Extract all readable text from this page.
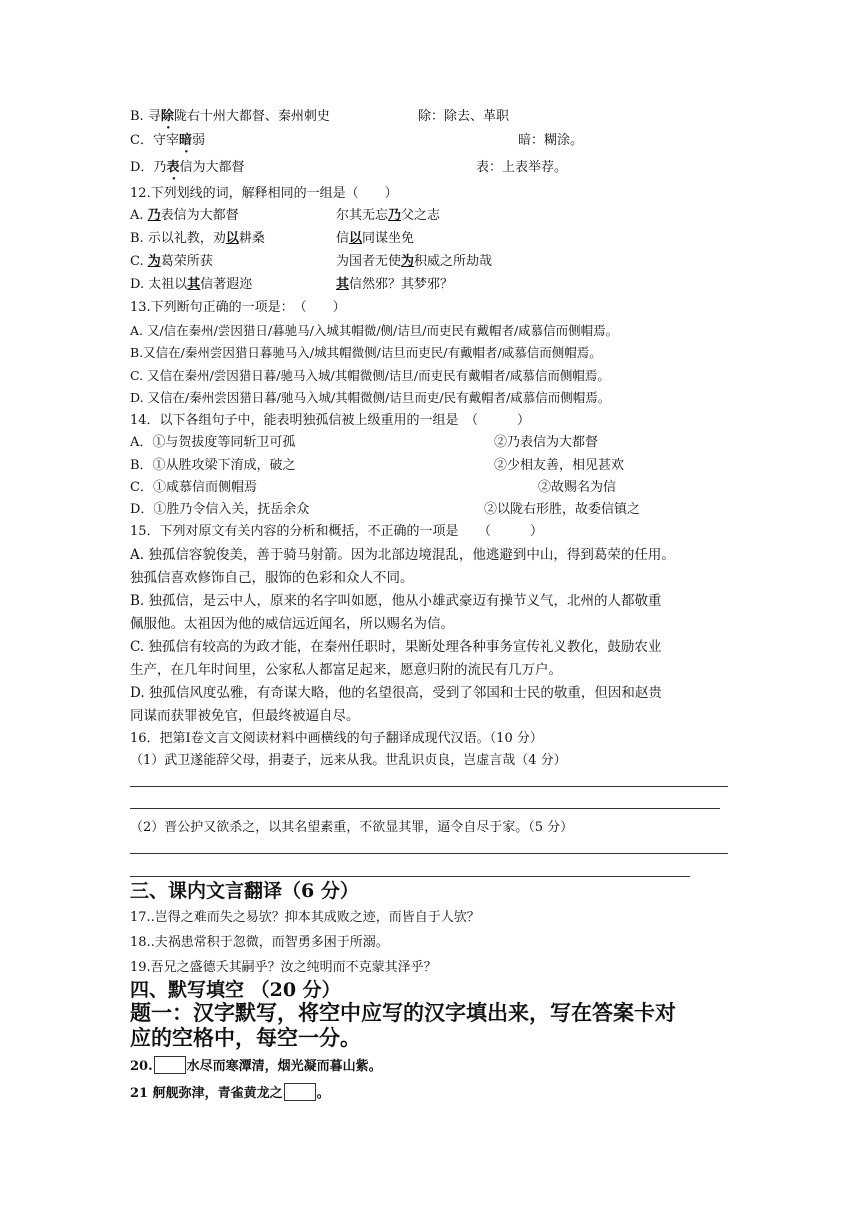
B. 寻除陇右十州大都督、秦州刺史	除：除去、革职
C．守宰暗弱	暗：糊涂。
D．乃表信为大都督	表：上表举荐。
12.下列划线的词，解释相同的一组是（　　）
A. 乃表信为大都督	尔其无忘乃父之志
B. 示以礼教，劝以耕桑	信以同谋坐免
C. 为葛荣所获	为国者无使为积威之所劫哉
D. 太祖以其信著遐迩	其信然邪？其梦邪？
13.下列断句正确的一项是：　（　　）
A. 又/信在秦州/尝因猎日/暮驰马/入城其帽微/侧/诘旦/而吏民有戴帽者/咸慕信而侧帽焉。
B.又信在/秦州尝因猎日暮驰马入/城其帽微侧/诘旦而吏民/有戴帽者/咸慕信而侧帽焉。
C. 又信在秦州/尝因猎日暮/驰马入城/其帽微侧/诘旦/而吏民有戴帽者/咸慕信而侧帽焉。
D. 又信在/秦州尝因猎日暮/驰马入城/其帽微侧/诘旦而吏/民有戴帽者/咸慕信而侧帽焉。
14．以下各组句子中，能表明独孤信被上级重用的一组是　（　　　）
A．①与贺拔度等同斩卫可孤	②乃表信为大都督
B．①从胜攻梁下淯成，破之	②少相友善，相见甚欢
C．①咸慕信而侧帽焉	②故赐名为信
D．①胜乃令信入关，抚岳余众	②以陇右形胜，故委信镇之
15．下列对原文有关内容的分析和概括，不正确的一项是　　（　　　）
A. 独孤信容貌俊美，善于骑马射箭。因为北部边境混乱，他逃避到中山，得到葛荣的任用。
独孤信喜欢修饰自己，服饰的色彩和众人不同。
B. 独孤信，是云中人，原来的名字叫如愿，他从小雄武豪迈有操节义气，北州的人都敬重
佩服他。太祖因为他的威信远近闻名，所以赐名为信。
C. 独孤信有较高的为政才能，在秦州任职时，果断处理各种事务宣传礼义教化，鼓励农业
生产，在几年时间里，公家私人都富足起来，愿意归附的流民有几万户。
D. 独孤信风度弘雅，有奇谋大略，他的名望很高，受到了邻国和士民的敬重，但因和赵贵
同谋而获罪被免官，但最终被逼自尽。
16．把第Ⅰ卷文言文阅读材料中画横线的句子翻译成现代汉语。（10 分）
（1）武卫遂能辞父母，捐妻子，远来从我。世乱识贞良，岂虚言哉（4 分）
（2）晋公护又欲杀之，以其名望素重，不欲显其罪，逼令自尽于家。（5 分）
三、课内文言翻译（6 分）
17..岂得之难而失之易欤？抑本其成败之迹，而皆自于人欤？
18..夫祸患常积于忽微，而智勇多困于所溺。
19.吾兄之盛德夭其嗣乎？汝之纯明而不克蒙其泽乎？
四、默写填空 （20 分）
题一：汉字默写，将空中应写的汉字填出来，写在答案卡对
应的空格中，每空一分。
20.	水尽而寒潭清，烟光凝而暮山紫。
21 舸舰弥津，青雀黄龙之	。
